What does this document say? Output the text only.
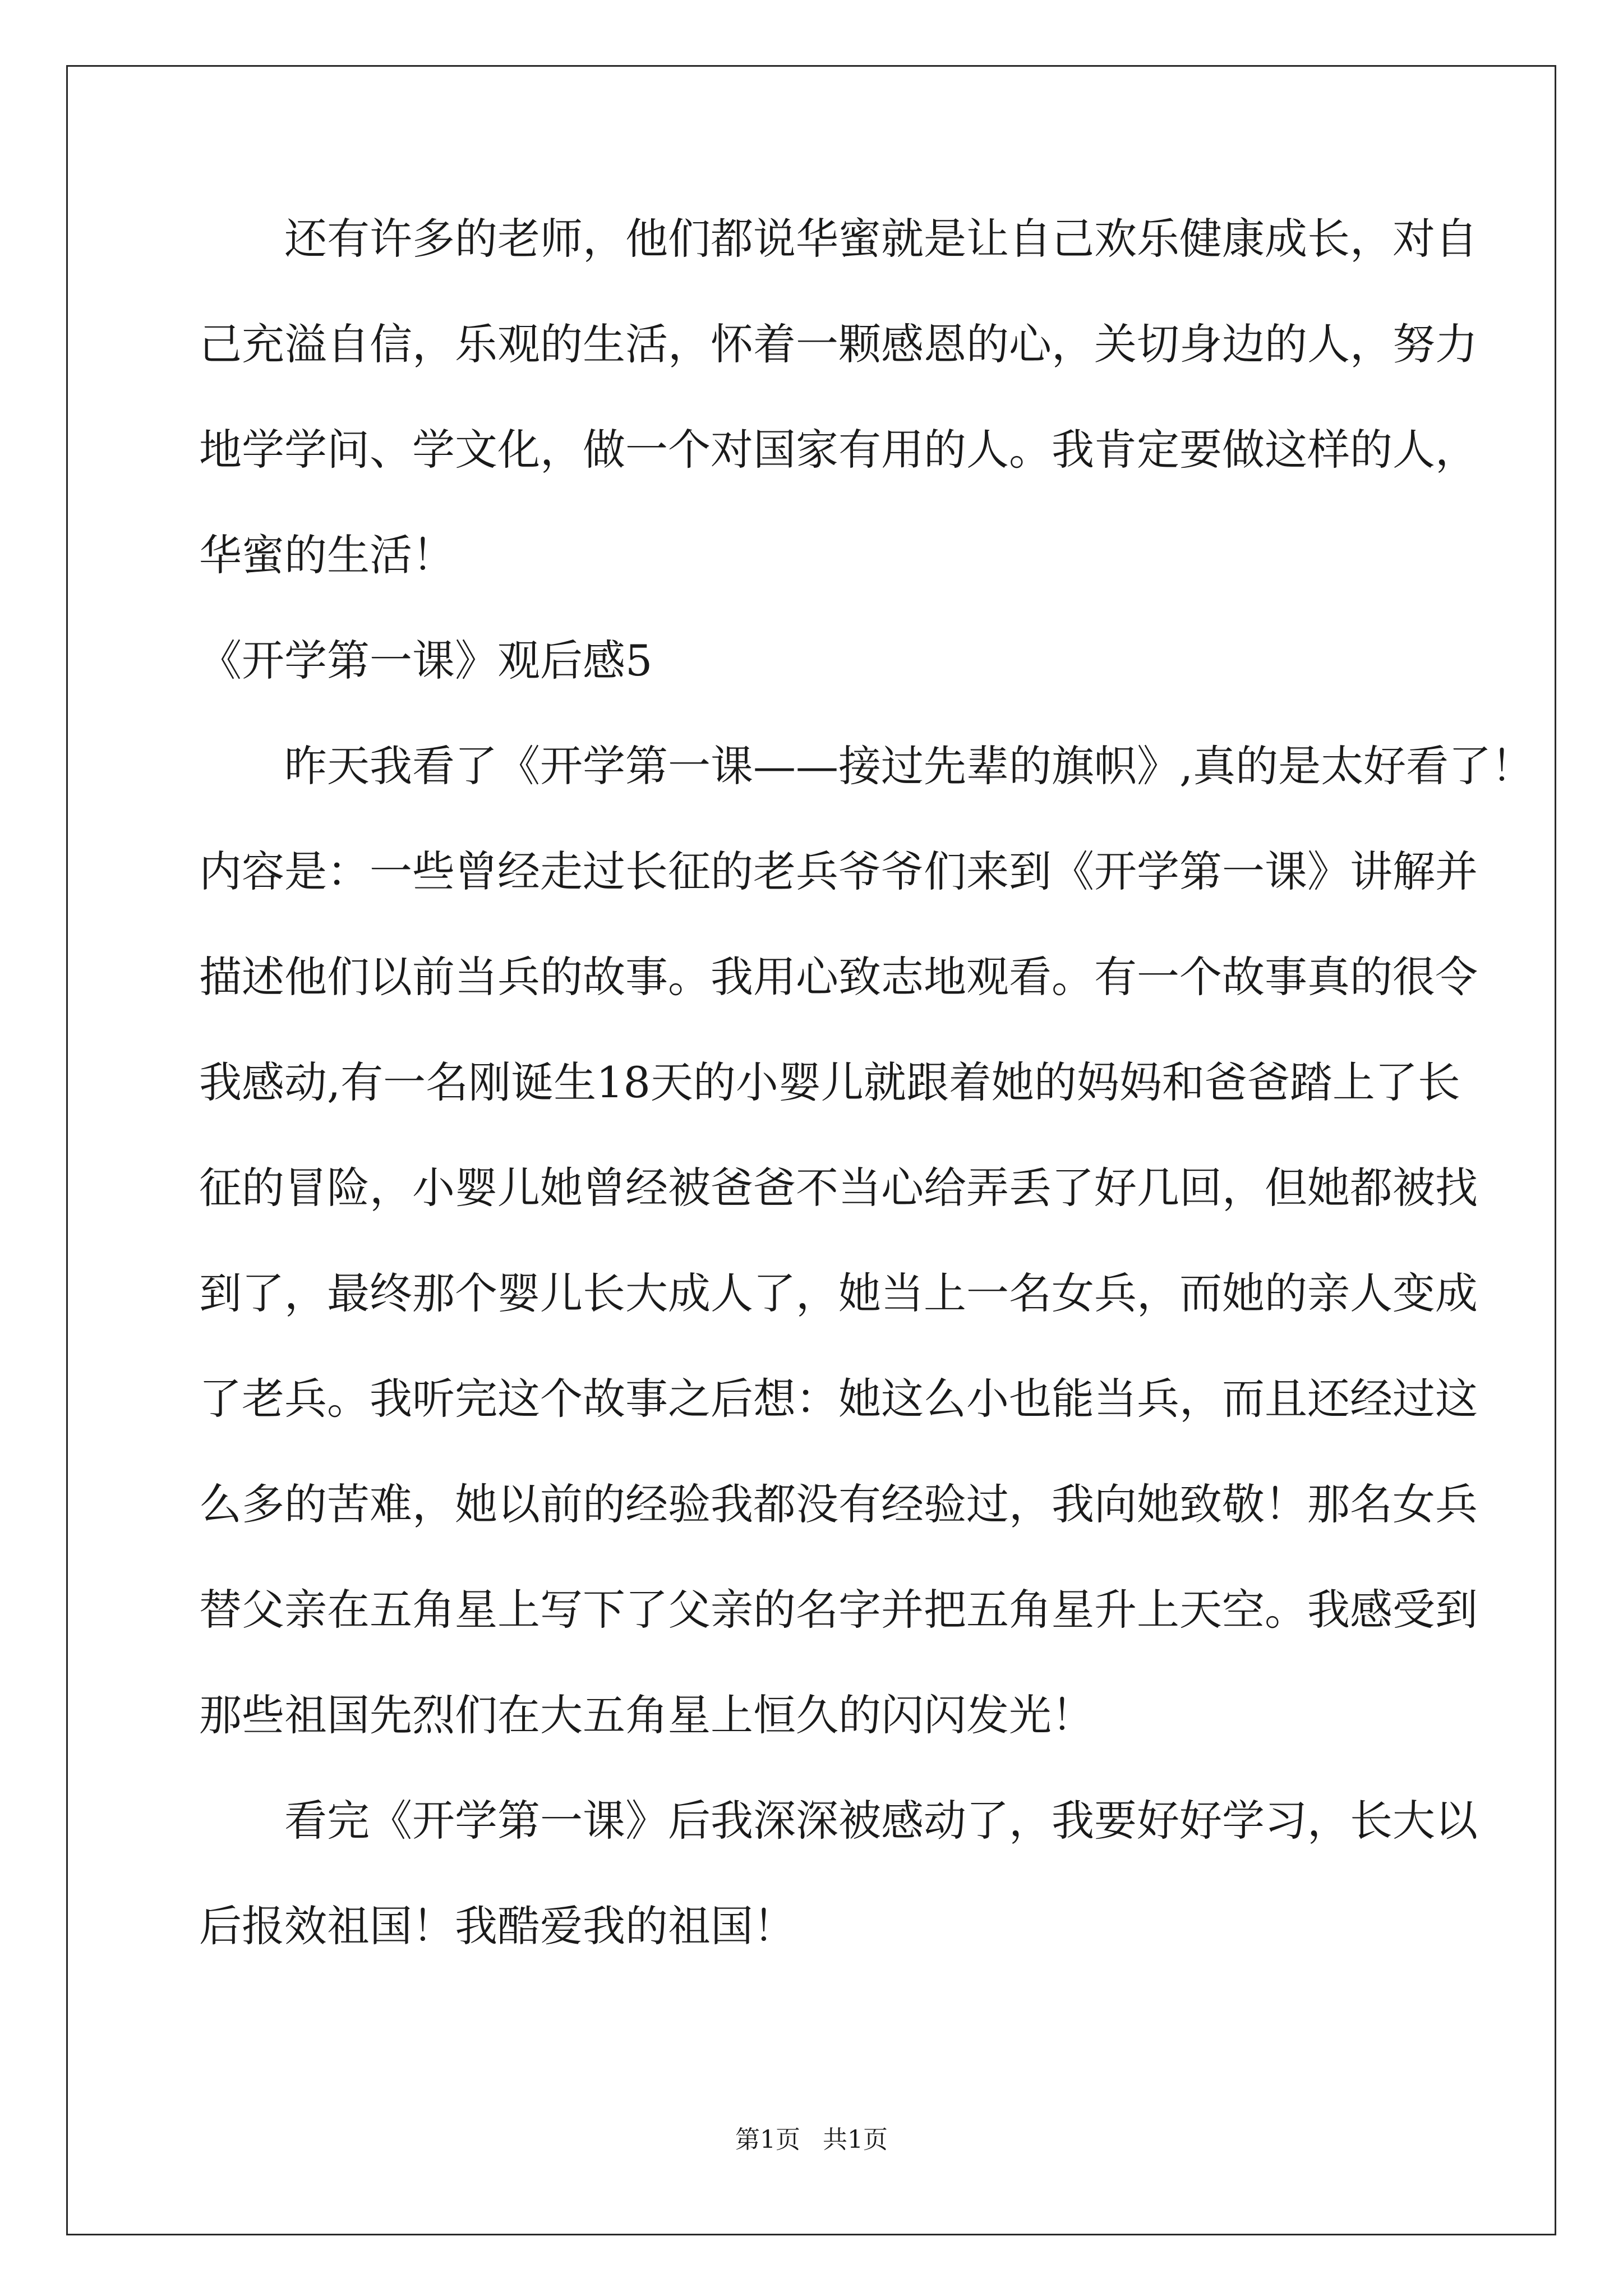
还有许多的老师，他们都说华蜜就是让自己欢乐健康成长，对自
己充溢自信，乐观的生活，怀着一颗感恩的心，关切身边的人，努力
地学学问、学文化，做一个对国家有用的人。我肯定要做这样的人，
华蜜的生活！
《开学第一课》观后感5
昨天我看了《开学第一课——接过先辈的旗帜》,真的是太好看了！
内容是：一些曾经走过长征的老兵爷爷们来到《开学第一课》讲解并
描述他们以前当兵的故事。我用心致志地观看。有一个故事真的很令
我感动,有一名刚诞生18天的小婴儿就跟着她的妈妈和爸爸踏上了长
征的冒险，小婴儿她曾经被爸爸不当心给弄丢了好几回，但她都被找
到了，最终那个婴儿长大成人了，她当上一名女兵，而她的亲人变成
了老兵。我听完这个故事之后想：她这么小也能当兵，而且还经过这
么多的苦难，她以前的经验我都没有经验过，我向她致敬！那名女兵
替父亲在五角星上写下了父亲的名字并把五角星升上天空。我感受到
那些祖国先烈们在大五角星上恒久的闪闪发光！
看完《开学第一课》后我深深被感动了，我要好好学习，长大以
后报效祖国！我酷爱我的祖国！
第1页 共1页
